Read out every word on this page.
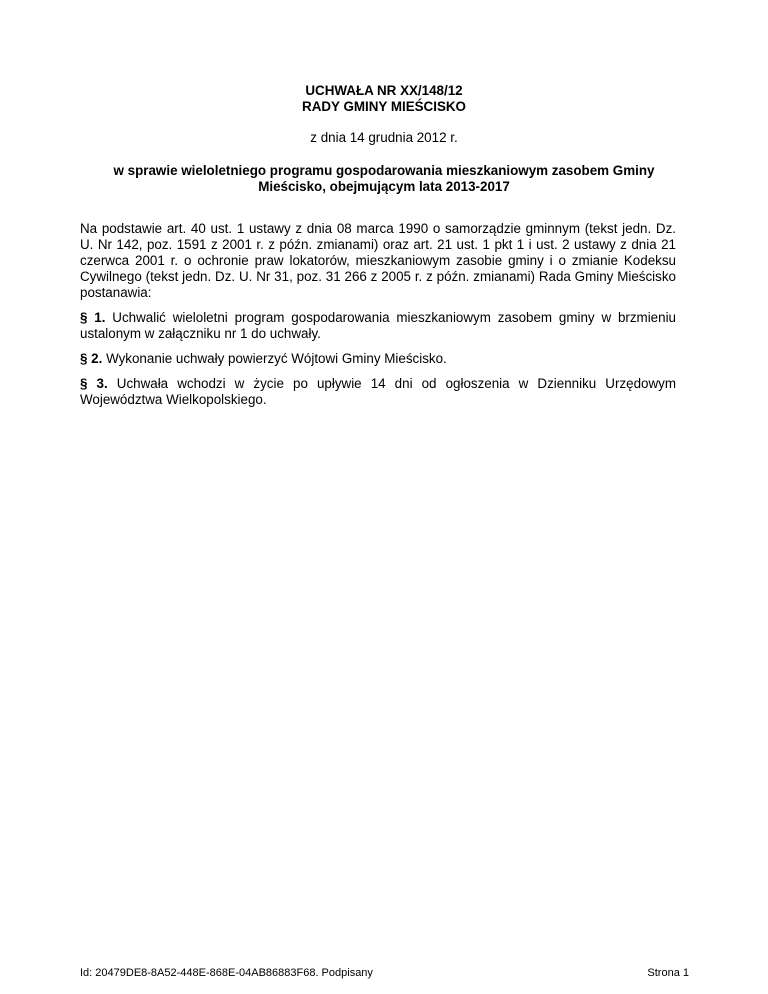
UCHWAŁA NR XX/148/12
RADY GMINY MIEŚCISKO
z dnia 14 grudnia 2012 r.
w sprawie wieloletniego programu gospodarowania mieszkaniowym zasobem Gminy Mieścisko, obejmującym lata 2013-2017

Na podstawie art. 40 ust. 1 ustawy z dnia 08 marca 1990 o samorządzie gminnym (tekst jedn. Dz. U. Nr 142, poz. 1591 z 2001 r. z późn. zmianami) oraz art. 21 ust. 1 pkt 1 i ust. 2 ustawy z dnia 21 czerwca 2001 r. o ochronie praw lokatorów, mieszkaniowym zasobie gminy i o zmianie Kodeksu Cywilnego (tekst jedn. Dz. U. Nr 31, poz. 31 266 z 2005 r. z późn. zmianami) Rada Gminy Mieścisko postanawia:

§ 1. Uchwalić wieloletni program gospodarowania mieszkaniowym zasobem gminy w brzmieniu ustalonym w załączniku nr 1 do uchwały.

§ 2. Wykonanie uchwały powierzyć Wójtowi Gminy Mieścisko.

§ 3. Uchwała wchodzi w życie po upływie 14 dni od ogłoszenia w Dzienniku Urzędowym Województwa Wielkopolskiego.

Id: 20479DE8-8A52-448E-868E-04AB86883F68. Podpisany	Strona 1
